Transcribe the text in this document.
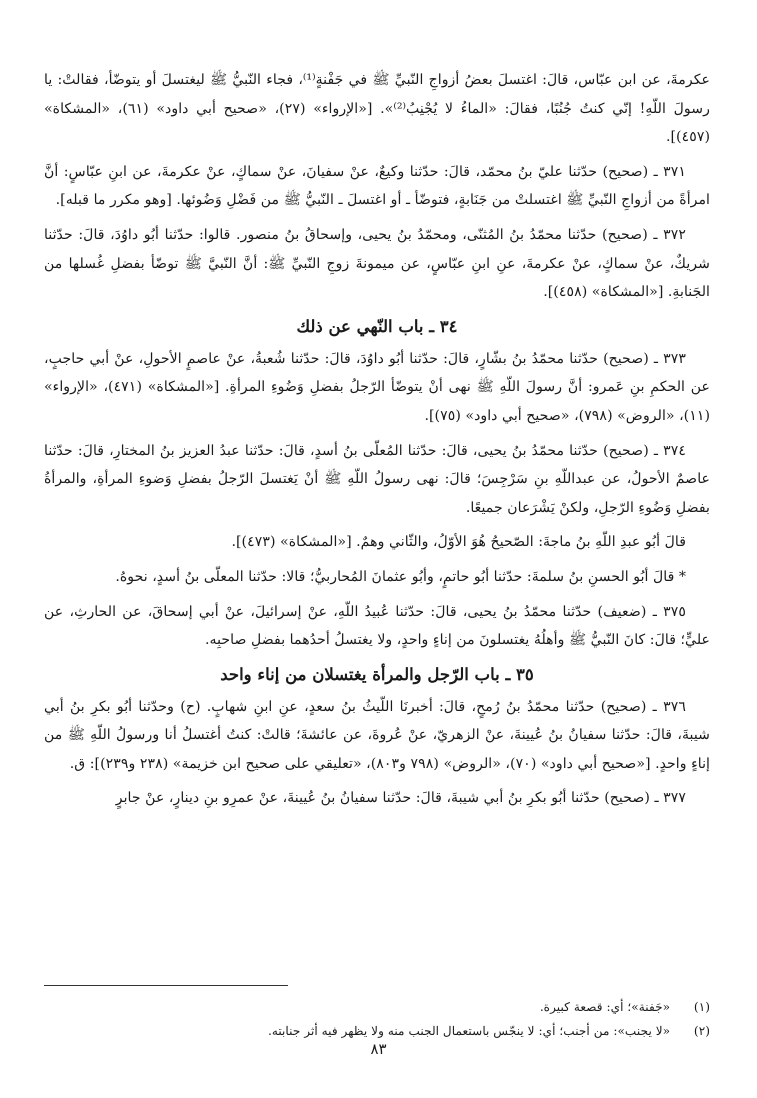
عكرمةَ، عن ابن عبّاس، قالَ: اغتسلَ بعضُ أزواجِ النّبيِّ ﷺ في جَفْنةٍ⁽¹⁾، فجاء النّبيُّ ﷺ ليغتسلَ أو يتوضّأ، فقالتْ: يا رسولَ اللّهِ! إنّي كنتُ جُنُبًا، فقالَ: «الماءُ لا يُجْنِبُ⁽²⁾». [«الإرواء» (٢٧)، «صحيح أبي داود» (٦١)، «المشكاة» (٤٥٧)].

٣٧١ ـ (صحيح) حدّثنا عليّ بنُ محمّد، قالَ: حدّثنا وكيعٌ، عنْ سفيانَ، عنْ سماكٍ، عنْ عكرمةَ، عن ابنِ عبّاسٍ: أنَّ امرأةً من أزواجِ النّبيِّ ﷺ اغتسلتْ من جَنَابةٍ، فتوضّأ ـ أو اغتسلَ ـ النّبيُّ ﷺ من فَضْلِ وَضُوئها. [وهو مكرر ما قبله].

٣٧٢ ـ (صحيح) حدّثنا محمّدُ بنُ المُثنّى، ومحمّدُ بنُ يحيى، وإسحاقُ بنُ منصور. قالوا: حدّثنا أبُو داوُدَ، قالَ: حدّثنا شريكٌ، عنْ سماكٍ، عنْ عكرمةَ، عنِ ابنِ عبّاسٍ، عن ميمونةَ زوجِ النّبيِّ ﷺ: أنَّ النّبيَّ ﷺ توضّأ بفضلِ غُسلها من الجَنابةِ. [«المشكاة» (٤٥٨)].

٣٤ ـ باب النّهي عن ذلك

٣٧٣ ـ (صحيح) حدّثنا محمّدُ بنُ بشّارٍ، قالَ: حدّثنا أبُو داوُدَ، قالَ: حدّثنا شُعبةُ، عنْ عاصمٍ الأحولِ، عنْ أبي حاجبٍ، عن الحكمِ بنِ عَمرو: أنَّ رسولَ اللّهِ ﷺ نهى أنْ يتوضّأ الرّجلُ بفضلِ وَضُوءِ المرأةِ. [«المشكاة» (٤٧١)، «الإرواء» (١١)، «الروض» (٧٩٨)، «صحيح أبي داود» (٧٥)].

٣٧٤ ـ (صحيح) حدّثنا محمّدُ بنُ يحيى، قالَ: حدّثنا المُعلّى بنُ أسدٍ، قالَ: حدّثنا عبدُ العزيز بنُ المختارِ، قالَ: حدّثنا عاصمٌ الأحولُ، عن عبداللّهِ بنِ سَرْجِسَ؛ قالَ: نهى رسولُ اللّهِ ﷺ أنْ يَغتسلَ الرّجلُ بفضلِ وَضوءِ المرأةِ، والمرأةُ بفضلِ وَضُوءِ الرّجلِ، ولكنْ يَشْرَعان جميعًا.

قالَ أبُو عبدِ اللّهِ بنُ ماجةَ: الصّحيحُ هُوَ الأوّلُ، والثّاني وهمٌ. [«المشكاة» (٤٧٣)].

* قالَ أبُو الحسنِ بنُ سلمةَ: حدّثنا أبُو حاتمٍ، وأبُو عثمانَ المُحاربيُّ؛ قالا: حدّثنا المعلّى بنُ أسدٍ، نحوهُ.

٣٧٥ ـ (ضعيف) حدّثنا محمّدُ بنُ يحيى، قالَ: حدّثنا عُبيدُ اللّهِ، عنْ إسرائيلَ، عنْ أبي إسحاقَ، عن الحارثِ، عن عليٍّ؛ قالَ: كانَ النّبيُّ ﷺ وأهلُهُ يغتسلونَ من إناءٍ واحدٍ، ولا يغتسلُ أحدُهما بفضلِ صاحبِه.

٣٥ ـ باب الرّجل والمرأة يغتسلان من إناء واحد

٣٧٦ ـ (صحيح) حدّثنا محمّدُ بنُ رُمحٍ، قالَ: أخبرنَا اللّيثُ بنُ سعدٍ، عنِ ابنِ شهابٍ. (ح) وحدّثنا أبُو بكرِ بنُ أبي شيبةَ، قالَ: حدّثنا سفيانُ بنُ عُيينةَ، عنْ الزهريّ، عنْ عُروةَ، عن عائشةَ؛ قالتْ: كنتُ أغتسلُ أنا ورسولُ اللّهِ ﷺ من إناءٍ واحدٍ. [«صحيح أبي داود» (٧٠)، «الروض» (٧٩٨ و٨٠٣)، «تعليقي على صحيح ابن خزيمة» (٢٣٨ و٢٣٩)]: ق.

٣٧٧ ـ (صحيح) حدّثنا أبُو بكرِ بنُ أبي شيبةَ، قالَ: حدّثنا سفيانُ بنُ عُيينةَ، عنْ عمرِو بنِ دينارٍ، عنْ جابرٍ

(١) «جَفنة»؛ أي: قصعة كبيرة.

(٢) «لا يجنب»: من أجنب؛ أي: لا ينجّس باستعمال الجنب منه ولا يظهر فيه أثر جنابته.

٨٣
